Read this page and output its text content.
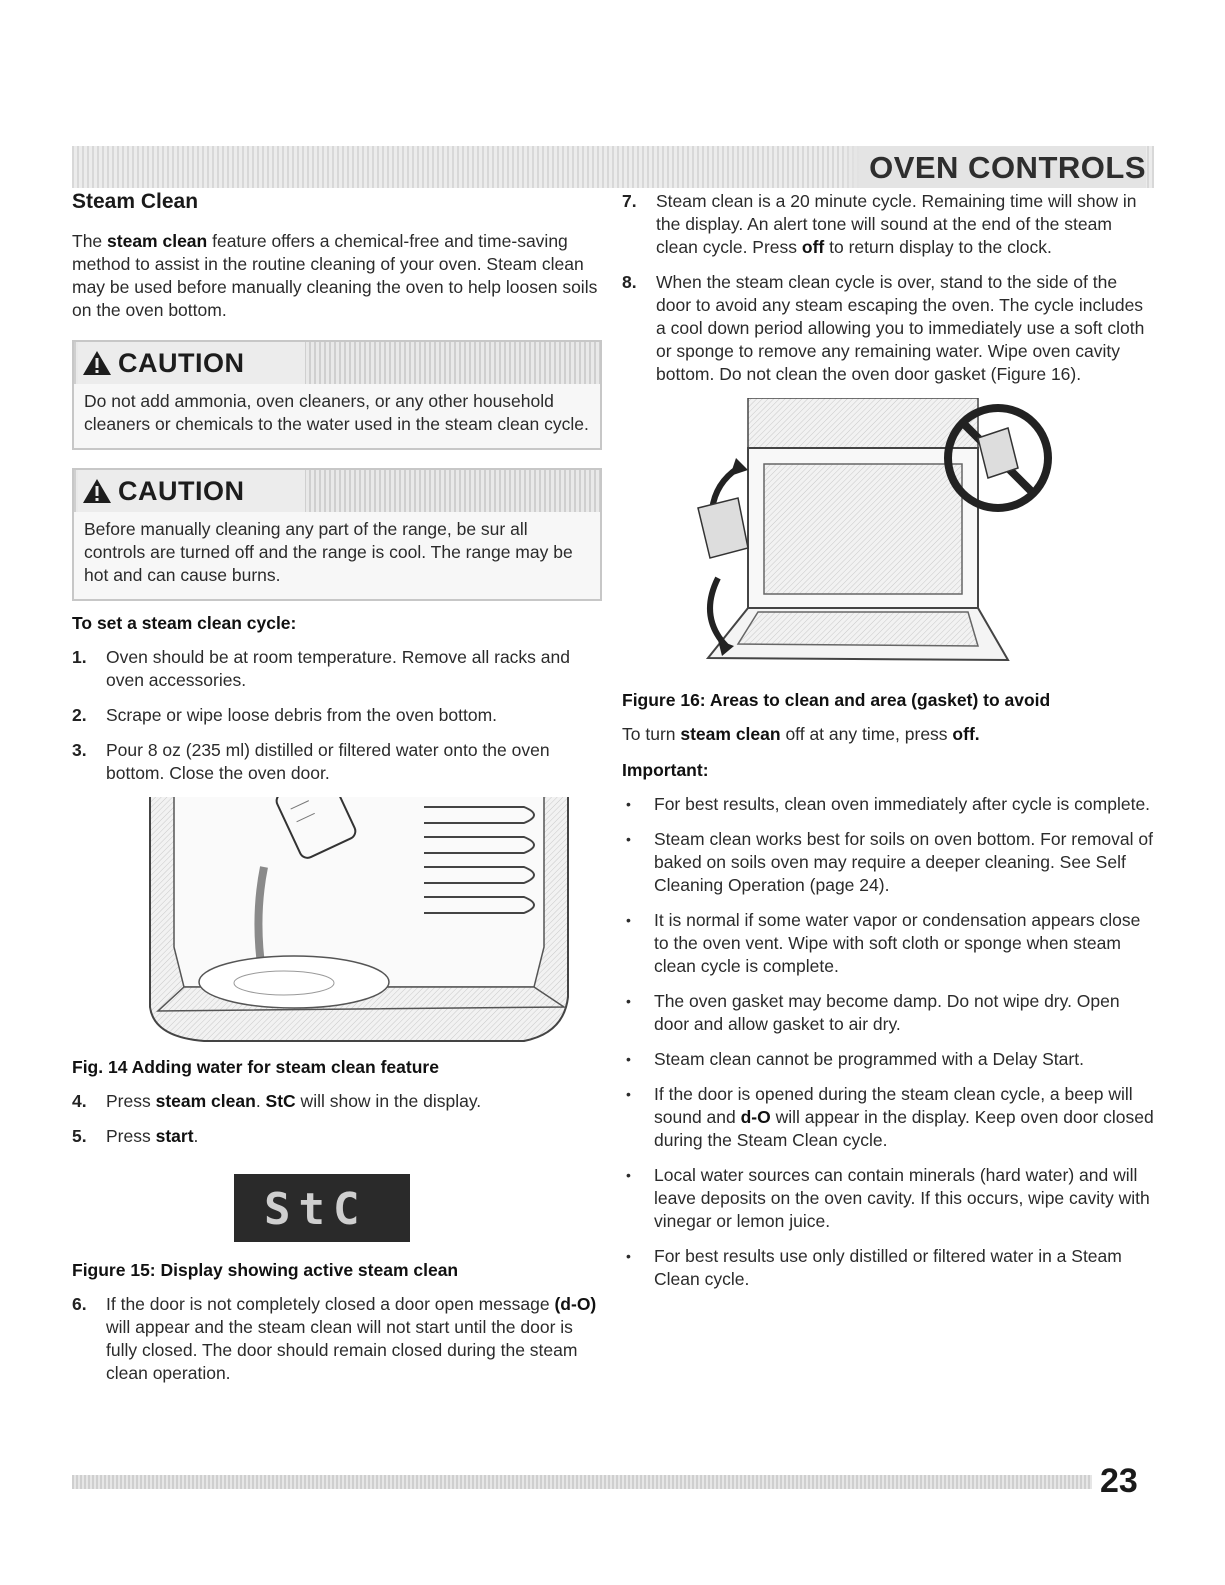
OVEN CONTROLS
Steam Clean

The steam clean feature offers a chemical-free and time-saving method to assist in the routine cleaning of your oven. Steam clean may be used before manually cleaning the oven to help loosen soils on the oven bottom.

CAUTION
Do not add ammonia, oven cleaners, or any other household cleaners or chemicals to the water used in the steam clean cycle.
CAUTION
Before manually cleaning any part of the range, be sur all controls are turned off and the range is cool. The range may be hot and can cause burns.
To set a steam clean cycle:
1. Oven should be at room temperature. Remove all racks and oven accessories.
2. Scrape or wipe loose debris from the oven bottom.
3. Pour 8 oz (235 ml) distilled or filtered water onto the oven bottom. Close the oven door.
Fig. 14 Adding water for steam clean feature
4. Press steam clean. StC will show in the display.
5. Press start.
StC
Figure 15: Display showing active steam clean
6. If the door is not completely closed a door open message (d-O) will appear and the steam clean will not start until the door is fully closed. The door should remain closed during the steam clean operation.
7. Steam clean is a 20 minute cycle. Remaining time will show in the display. An alert tone will sound at the end of the steam clean cycle. Press off to return display to the clock.
8. When the steam clean cycle is over, stand to the side of the door to avoid any steam escaping the oven. The cycle includes a cool down period allowing you to immediately use a soft cloth or sponge to remove any remaining water. Wipe oven cavity bottom. Do not clean the oven door gasket (Figure 16).
Figure 16: Areas to clean and area (gasket) to avoid

To turn steam clean off at any time, press off.

Important:
• For best results, clean oven immediately after cycle is complete.
• Steam clean works best for soils on oven bottom. For removal of baked on soils oven may require a deeper cleaning. See Self Cleaning Operation (page 24).
• It is normal if some water vapor or condensation appears close to the oven vent. Wipe with soft cloth or sponge when steam clean cycle is complete.
• The oven gasket may become damp. Do not wipe dry. Open door and allow gasket to air dry.
• Steam clean cannot be programmed with a Delay Start.
• If the door is opened during the steam clean cycle, a beep will sound and d-O will appear in the display. Keep oven door closed during the Steam Clean cycle.
• Local water sources can contain minerals (hard water) and will leave deposits on the oven cavity. If this occurs, wipe cavity with vinegar or lemon juice.
• For best results use only distilled or filtered water in a Steam Clean cycle.
23
